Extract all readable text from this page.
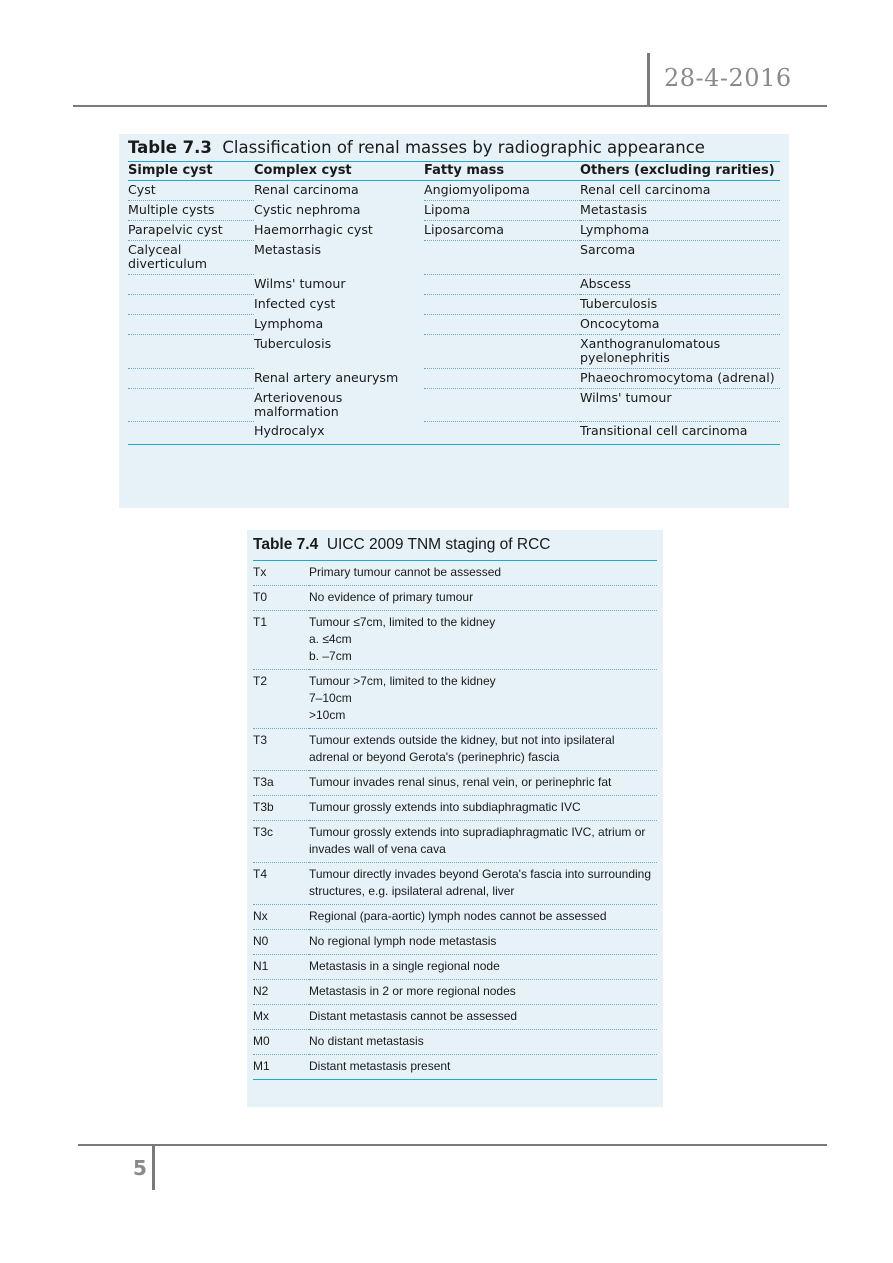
28-4-2016
Table 7.3 Classification of renal masses by radiographic appearance
Simple cyst	Complex cyst	Fatty mass	Others (excluding rarities)
Cyst	Renal carcinoma	Angiomyolipoma	Renal cell carcinoma
Multiple cysts	Cystic nephroma	Lipoma	Metastasis
Parapelvic cyst	Haemorrhagic cyst	Liposarcoma	Lymphoma
Calyceal diverticulum	Metastasis		Sarcoma
	Wilms' tumour		Abscess
	Infected cyst		Tuberculosis
	Lymphoma		Oncocytoma
	Tuberculosis		Xanthogranulomatous pyelonephritis
	Renal artery aneurysm		Phaeochromocytoma (adrenal)
	Arteriovenous malformation		Wilms' tumour
	Hydrocalyx		Transitional cell carcinoma
Table 7.4 UICC 2009 TNM staging of RCC
Tx	Primary tumour cannot be assessed

T0	No evidence of primary tumour

T1	Tumour ≤7cm, limited to the kidney
a. ≤4cm
b. –7cm

T2	Tumour >7cm, limited to the kidney
7–10cm
>10cm

T3	Tumour extends outside the kidney, but not into ipsilateral adrenal or beyond Gerota's (perinephric) fascia

T3a	Tumour invades renal sinus, renal vein, or perinephric fat

T3b	Tumour grossly extends into subdiaphragmatic IVC

T3c	Tumour grossly extends into supradiaphragmatic IVC, atrium or invades wall of vena cava

T4	Tumour directly invades beyond Gerota's fascia into surrounding structures, e.g. ipsilateral adrenal, liver

Nx	Regional (para-aortic) lymph nodes cannot be assessed

N0	No regional lymph node metastasis

N1	Metastasis in a single regional node

N2	Metastasis in 2 or more regional nodes

Mx	Distant metastasis cannot be assessed

M0	No distant metastasis

M1	Distant metastasis present
5
